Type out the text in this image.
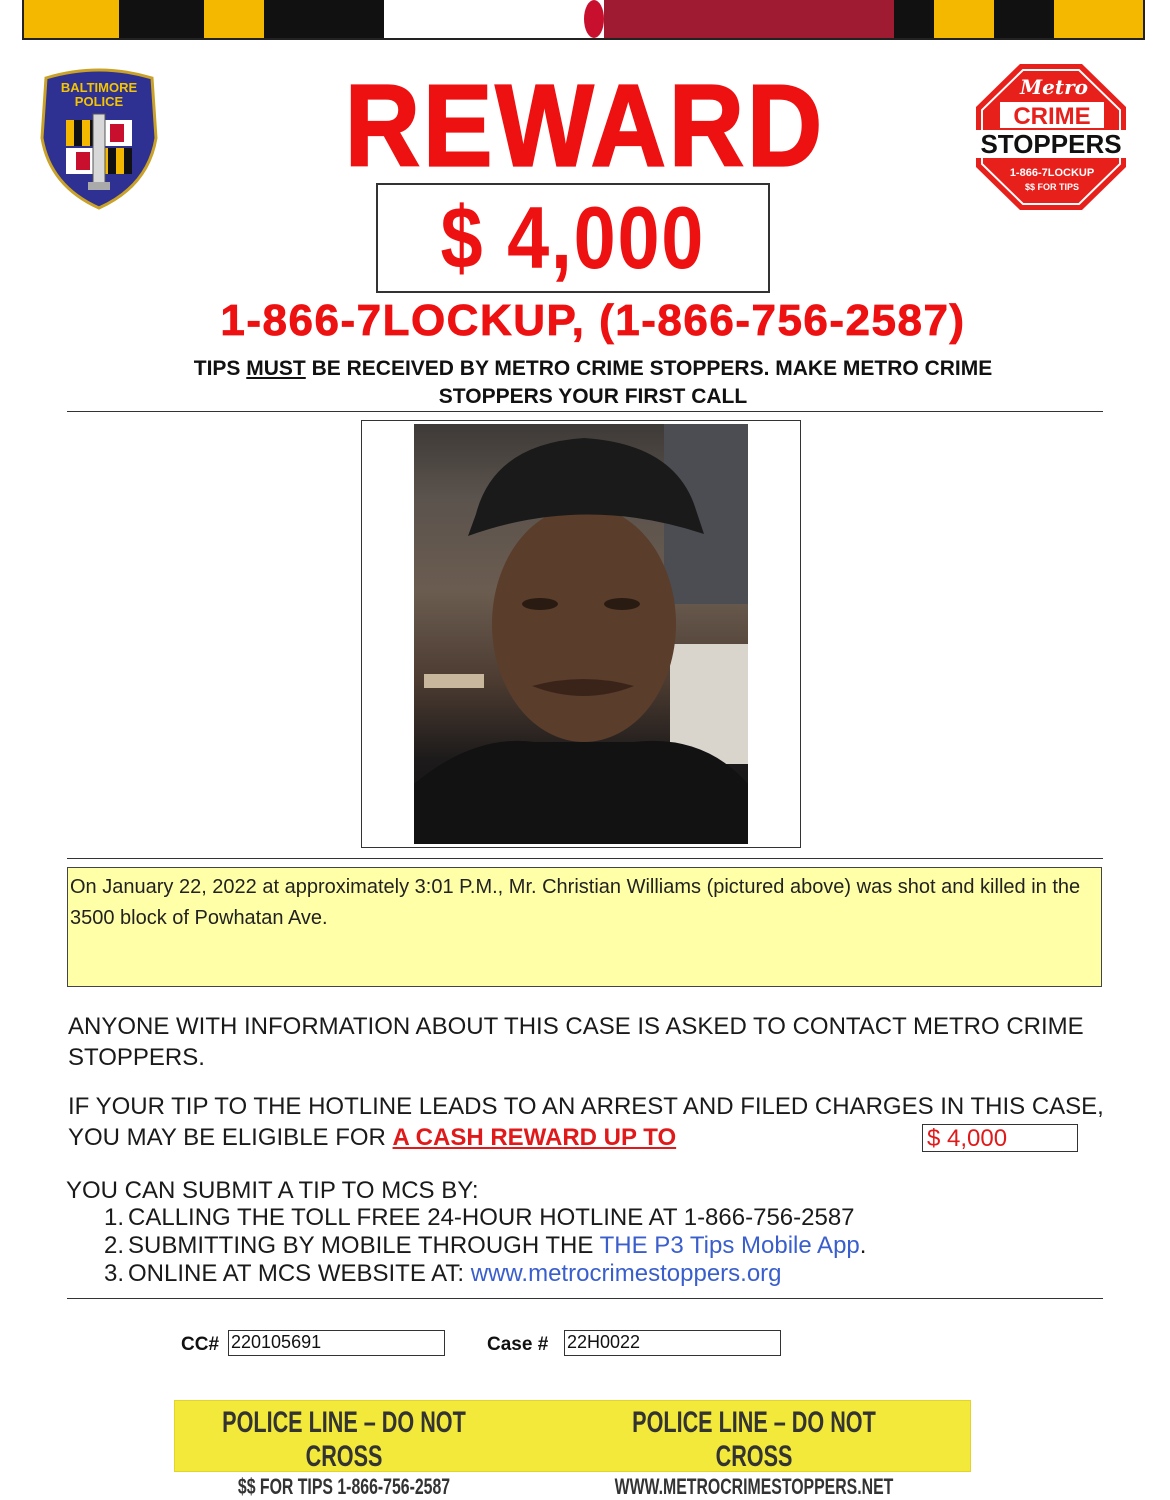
BALTIMORE
POLICE
Metro
CRIME
STOPPERS
1-866-7LOCKUP
$$ FOR TIPS
REWARD
$ 4,000
1-866-7LOCKUP, (1-866-756-2587)
TIPS MUST BE RECEIVED BY METRO CRIME STOPPERS. MAKE METRO CRIME STOPPERS YOUR FIRST CALL
On January 22, 2022 at approximately 3:01 P.M., Mr. Christian Williams (pictured above) was shot and killed in the 3500 block of Powhatan Ave.
ANYONE WITH INFORMATION ABOUT THIS CASE IS ASKED TO CONTACT METRO CRIME STOPPERS.
IF YOUR TIP TO THE HOTLINE LEADS TO AN ARREST AND FILED CHARGES IN THIS CASE, YOU MAY BE ELIGIBLE FOR A CASH REWARD UP TO	$ 4,000
YOU CAN SUBMIT A TIP TO MCS BY:
1. CALLING THE TOLL FREE 24-HOUR HOTLINE AT 1-866-756-2587
2. SUBMITTING BY MOBILE THROUGH THE THE P3 Tips Mobile App.
3. ONLINE AT MCS WEBSITE AT: www.metrocrimestoppers.org
CC# 220105691	Case # 22H0022
POLICE LINE – DO NOT CROSS
$$ FOR TIPS 1-866-756-2587
POLICE LINE – DO NOT CROSS
WWW.METROCRIMESTOPPERS.NET
